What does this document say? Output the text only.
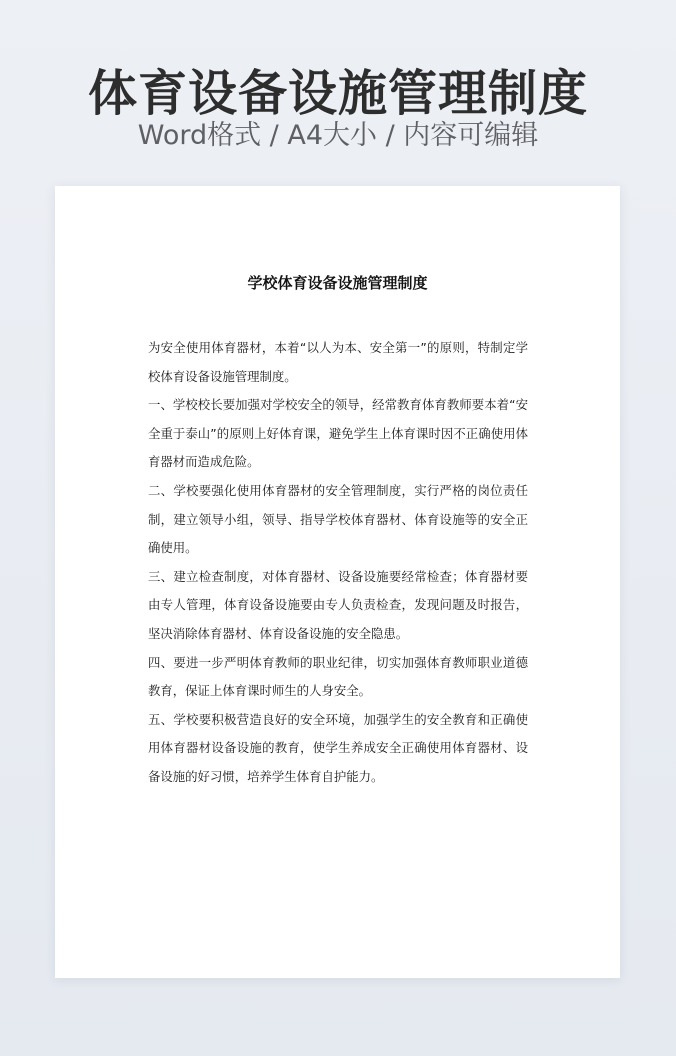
体育设备设施管理制度
Word格式 / A4大小 / 内容可编辑
学校体育设备设施管理制度

为安全使用体育器材，本着“以人为本、安全第一”的原则，特制定学校体育设备设施管理制度。

一、学校校长要加强对学校安全的领导，经常教育体育教师要本着“安全重于泰山”的原则上好体育课，避免学生上体育课时因不正确使用体育器材而造成危险。

二、学校要强化使用体育器材的安全管理制度，实行严格的岗位责任制，建立领导小组，领导、指导学校体育器材、体育设施等的安全正确使用。

三、建立检查制度，对体育器材、设备设施要经常检查；体育器材要由专人管理，体育设备设施要由专人负责检查，发现问题及时报告，坚决消除体育器材、体育设备设施的安全隐患。

四、要进一步严明体育教师的职业纪律，切实加强体育教师职业道德教育，保证上体育课时师生的人身安全。

五、学校要积极营造良好的安全环境，加强学生的安全教育和正确使用体育器材设备设施的教育，使学生养成安全正确使用体育器材、设备设施的好习惯，培养学生体育自护能力。
